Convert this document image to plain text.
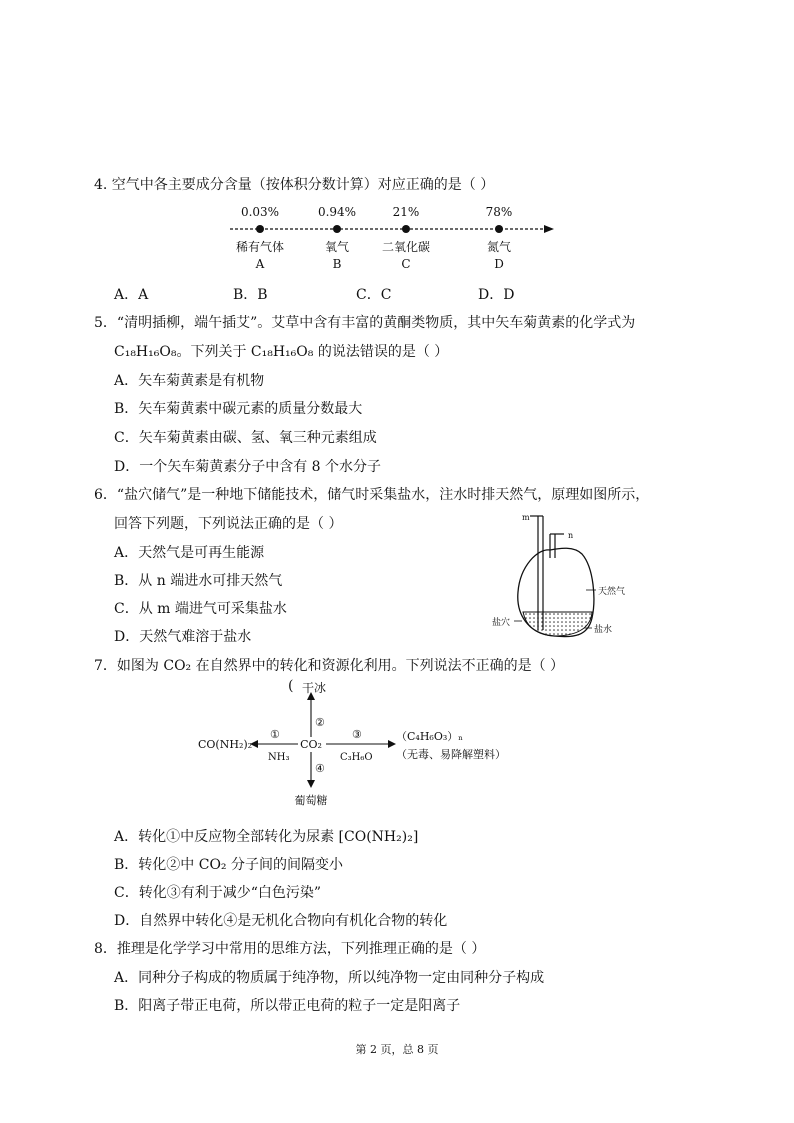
4. 空气中各主要成分含量（按体积分数计算）对应正确的是（ ）
0.03%	0.94%	21%	78%
稀有气体	氧气	二氧化碳	氮气
A	B	C	D
A．A	B．B	C．C	D．D
5．“清明插柳，端午插艾”。艾草中含有丰富的黄酮类物质，其中矢车菊黄素的化学式为
C₁₈H₁₆O₈。下列关于 C₁₈H₁₆O₈ 的说法错误的是（ ）
A．矢车菊黄素是有机物
B．矢车菊黄素中碳元素的质量分数最大
C．矢车菊黄素由碳、氢、氧三种元素组成
D．一个矢车菊黄素分子中含有 8 个水分子
6．“盐穴储气”是一种地下储能技术，储气时采集盐水，注水时排天然气，原理如图所示，
回答下列题，下列说法正确的是（ ）
A．天然气是可再生能源
B．从 n 端进水可排天然气
C．从 m 端进气可采集盐水
D．天然气难溶于盐水
m
n
天然气
盐穴
盐水
7．如图为 CO₂ 在自然界中的转化和资源化利用。下列说法不正确的是（ ）
CO₂
干冰
(
②
CO(NH₂)₂
①
NH₃
③
C₃H₆O
（C₄H₆O₃）ₙ
（无毒、易降解塑料）
④
葡萄糖
A．转化①中反应物全部转化为尿素 [CO(NH₂)₂]
B．转化②中 CO₂ 分子间的间隔变小
C．转化③有利于减少“白色污染”
D．自然界中转化④是无机化合物向有机化合物的转化
8．推理是化学学习中常用的思维方法，下列推理正确的是（ ）
A．同种分子构成的物质属于纯净物，所以纯净物一定由同种分子构成
B．阳离子带正电荷，所以带正电荷的粒子一定是阳离子
第 2 页，总 8 页
